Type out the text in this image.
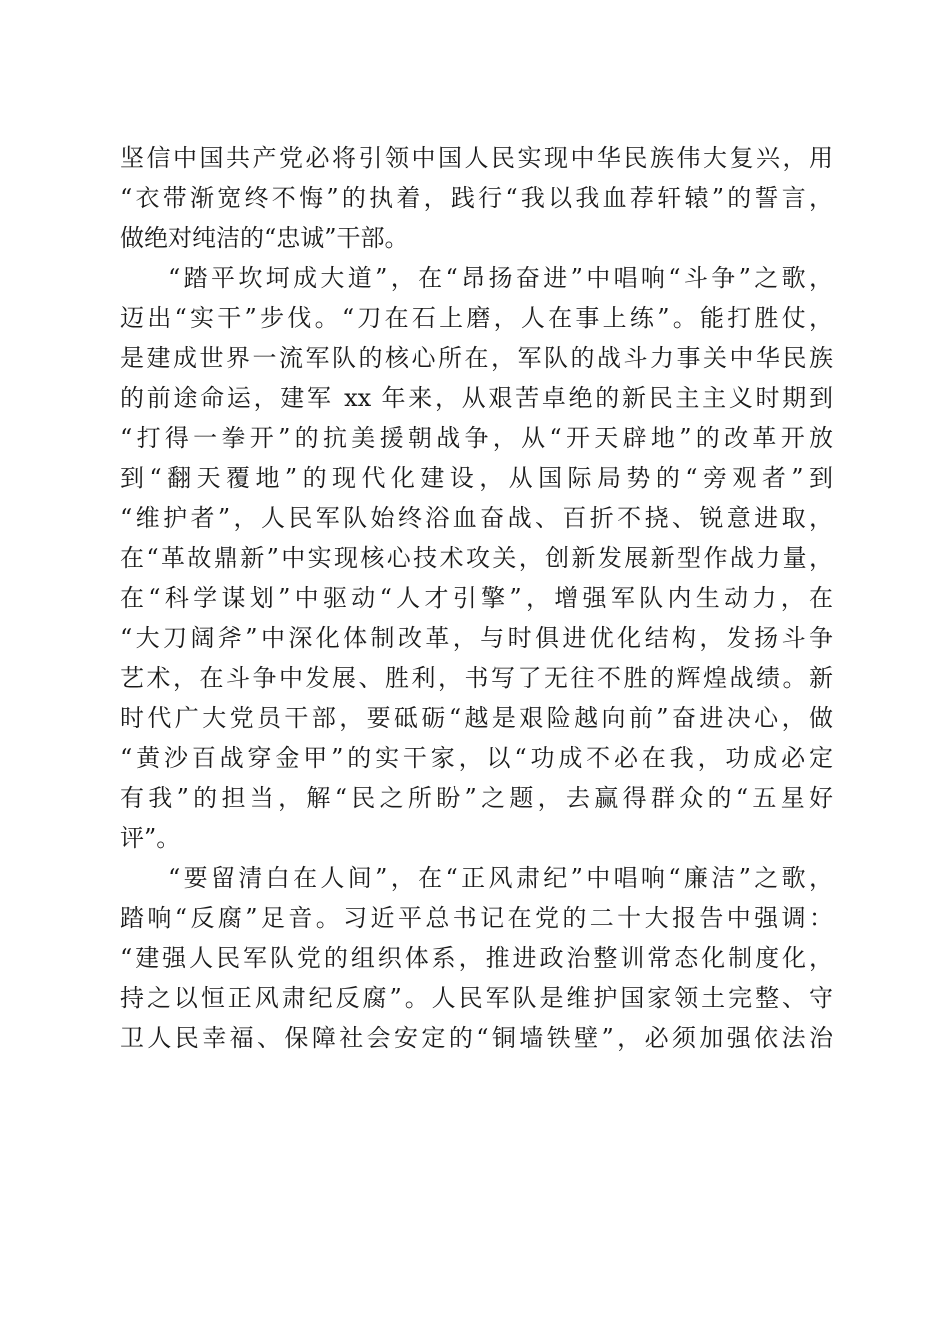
坚信中国共产党必将引领中国人民实现中华民族伟大复兴，用
“衣带渐宽终不悔”的执着，践行“我以我血荐轩辕”的誓言，
做绝对纯洁的“忠诚”干部。
“踏平坎坷成大道”，在“昂扬奋进”中唱响“斗争”之歌，
迈出“实干”步伐。“刀在石上磨，人在事上练”。能打胜仗，
是建成世界一流军队的核心所在，军队的战斗力事关中华民族
的前途命运，建军 xx 年来，从艰苦卓绝的新民主主义时期到
“打得一拳开”的抗美援朝战争，从“开天辟地”的改革开放
到“翻天覆地”的现代化建设，从国际局势的“旁观者”到
“维护者”，人民军队始终浴血奋战、百折不挠、锐意进取，
在“革故鼎新”中实现核心技术攻关，创新发展新型作战力量，
在“科学谋划”中驱动“人才引擎”，增强军队内生动力，在
“大刀阔斧”中深化体制改革，与时俱进优化结构，发扬斗争
艺术，在斗争中发展、胜利，书写了无往不胜的辉煌战绩。新
时代广大党员干部，要砥砺“越是艰险越向前”奋进决心，做
“黄沙百战穿金甲”的实干家，以“功成不必在我，功成必定
有我”的担当，解“民之所盼”之题，去赢得群众的“五星好
评”。
“要留清白在人间”，在“正风肃纪”中唱响“廉洁”之歌，
踏响“反腐”足音。习近平总书记在党的二十大报告中强调：
“建强人民军队党的组织体系，推进政治整训常态化制度化，
持之以恒正风肃纪反腐”。人民军队是维护国家领土完整、守
卫人民幸福、保障社会安定的“铜墙铁壁”，必须加强依法治
